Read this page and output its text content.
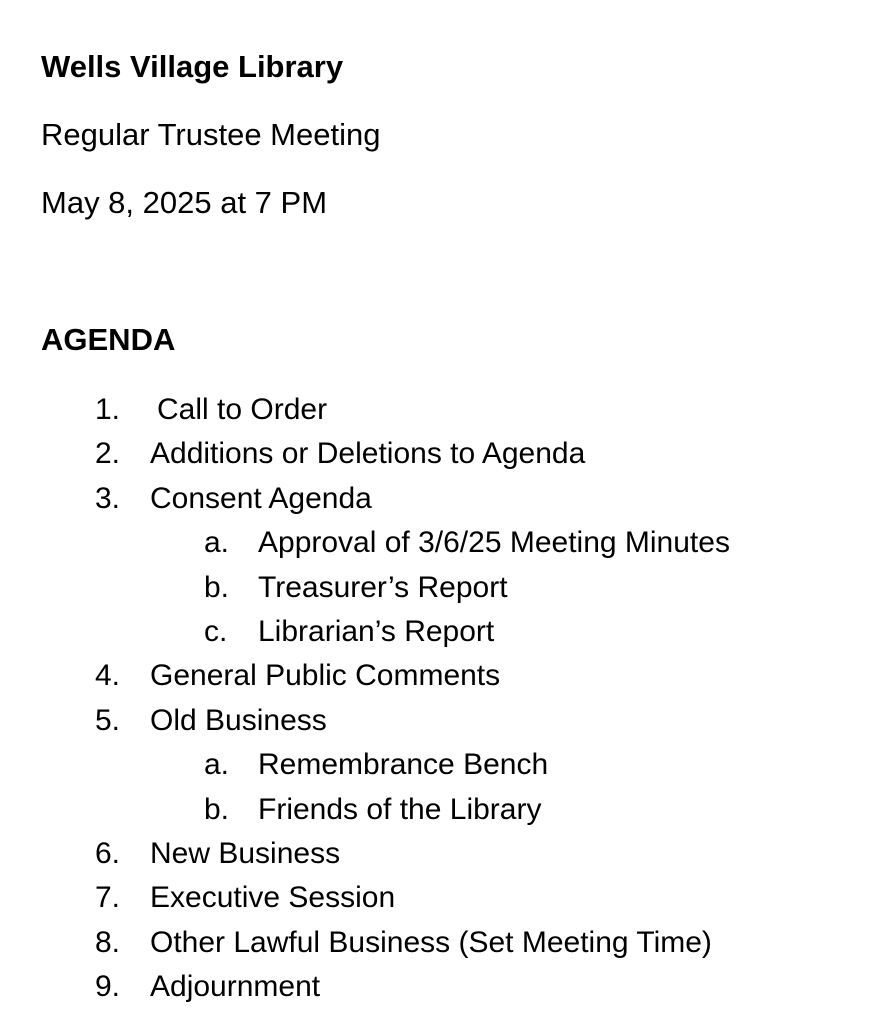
Wells Village Library
Regular Trustee Meeting
May 8, 2025 at 7 PM
AGENDA
1.	Call to Order
2. Additions or Deletions to Agenda
3. Consent Agenda
a. Approval of 3/6/25 Meeting Minutes
b. Treasurer’s Report
c.	Librarian’s Report
4. General Public Comments
5. Old Business
a. Remembrance Bench
b. Friends of the Library
6. New Business
7. Executive Session
8. Other Lawful Business (Set Meeting Time)
9. Adjournment
